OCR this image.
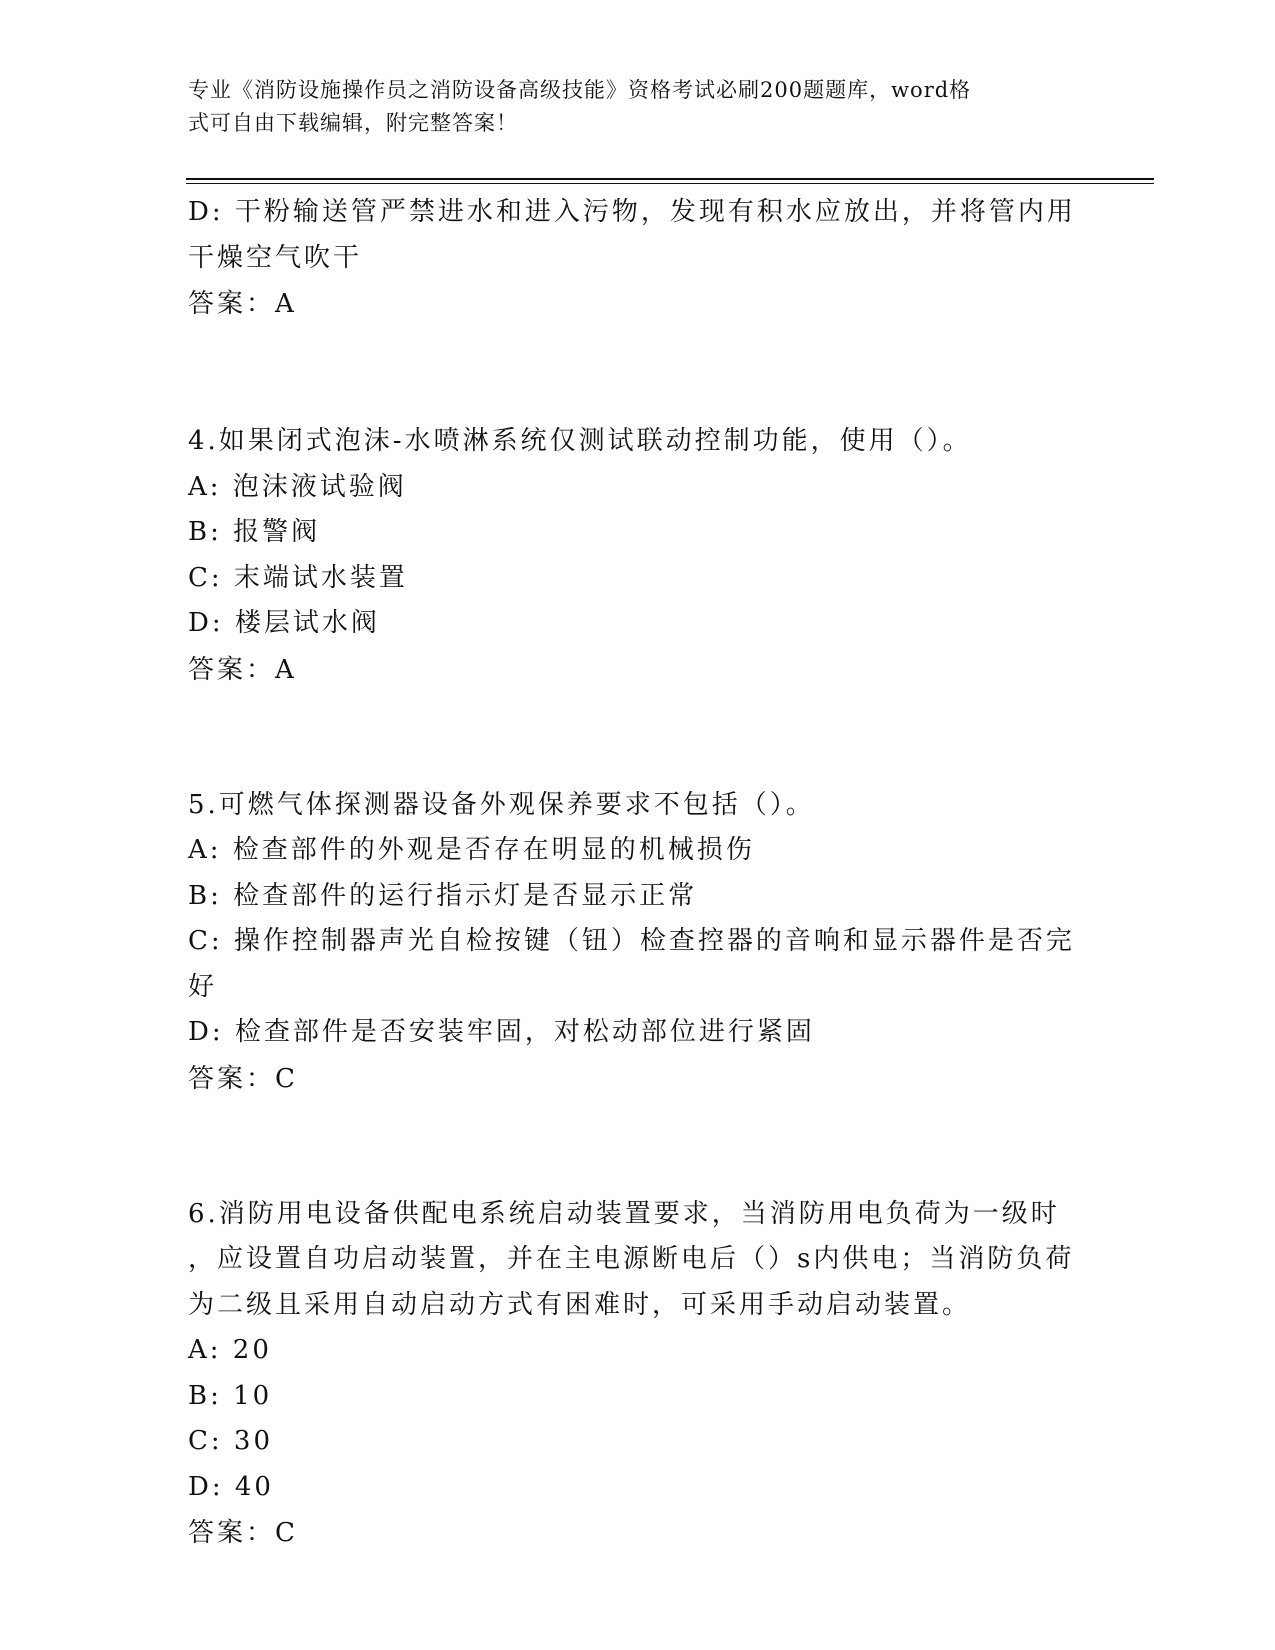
专业《消防设施操作员之消防设备高级技能》资格考试必刷200题题库，word格
式可自由下载编辑，附完整答案！
D: 干粉输送管严禁进水和进入污物，发现有积水应放出，并将管内用
干燥空气吹干
答案：A
4.如果闭式泡沫-水喷淋系统仅测试联动控制功能，使用（）。
A: 泡沫液试验阀
B: 报警阀
C: 末端试水装置
D: 楼层试水阀
答案：A
5.可燃气体探测器设备外观保养要求不包括（）。
A: 检查部件的外观是否存在明显的机械损伤
B: 检查部件的运行指示灯是否显示正常
C: 操作控制器声光自检按键（钮）检查控器的音响和显示器件是否完
好
D: 检查部件是否安装牢固，对松动部位进行紧固
答案：C
6.消防用电设备供配电系统启动装置要求，当消防用电负荷为一级时
，应设置自功启动装置，并在主电源断电后（）s内供电；当消防负荷
为二级且采用自动启动方式有困难时，可采用手动启动装置。
A: 20
B: 10
C: 30
D: 40
答案：C
